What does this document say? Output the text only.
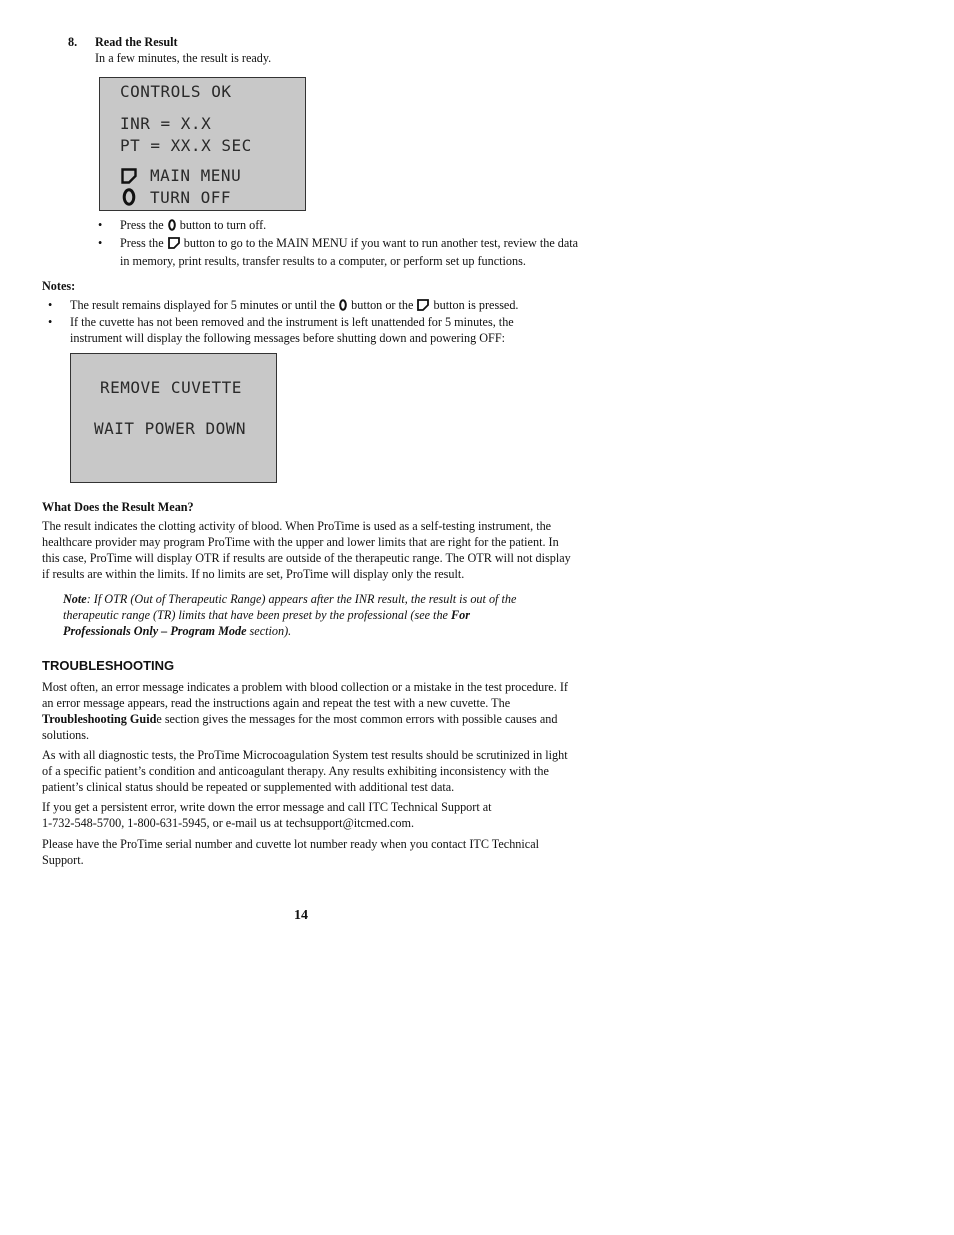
8. Read the Result
In a few minutes, the result is ready.
CONTROLS OK
INR = X.X
PT = XX.X SEC
MAIN MENU
TURN OFF
• Press the  button to turn off.
• Press the  button to go to the MAIN MENU if you want to run another test, review the data
in memory, print results, transfer results to a computer, or perform set up functions.
Notes:
• The result remains displayed for 5 minutes or until the  button or the  button is pressed.
• If the cuvette has not been removed and the instrument is left unattended for 5 minutes, the
instrument will display the following messages before shutting down and powering OFF:
REMOVE CUVETTE
WAIT POWER DOWN
What Does the Result Mean?
The result indicates the clotting activity of blood. When ProTime is used as a self-testing instrument, the
healthcare provider may program ProTime with the upper and lower limits that are right for the patient. In
this case, ProTime will display OTR if results are outside of the therapeutic range. The OTR will not display
if results are within the limits. If no limits are set, ProTime will display only the result.
Note: If OTR (Out of Therapeutic Range) appears after the INR result, the result is out of the
therapeutic range (TR) limits that have been preset by the professional (see the For
Professionals Only – Program Mode section).
TROUBLESHOOTING
Most often, an error message indicates a problem with blood collection or a mistake in the test procedure. If
an error message appears, read the instructions again and repeat the test with a new cuvette. The
Troubleshooting Guide section gives the messages for the most common errors with possible causes and
solutions.
As with all diagnostic tests, the ProTime Microcoagulation System test results should be scrutinized in light
of a specific patient’s condition and anticoagulant therapy. Any results exhibiting inconsistency with the
patient’s clinical status should be repeated or supplemented with additional test data.
If you get a persistent error, write down the error message and call ITC Technical Support at
1-732-548-5700, 1-800-631-5945, or e-mail us at techsupport@itcmed.com.
Please have the ProTime serial number and cuvette lot number ready when you contact ITC Technical
Support.
14
